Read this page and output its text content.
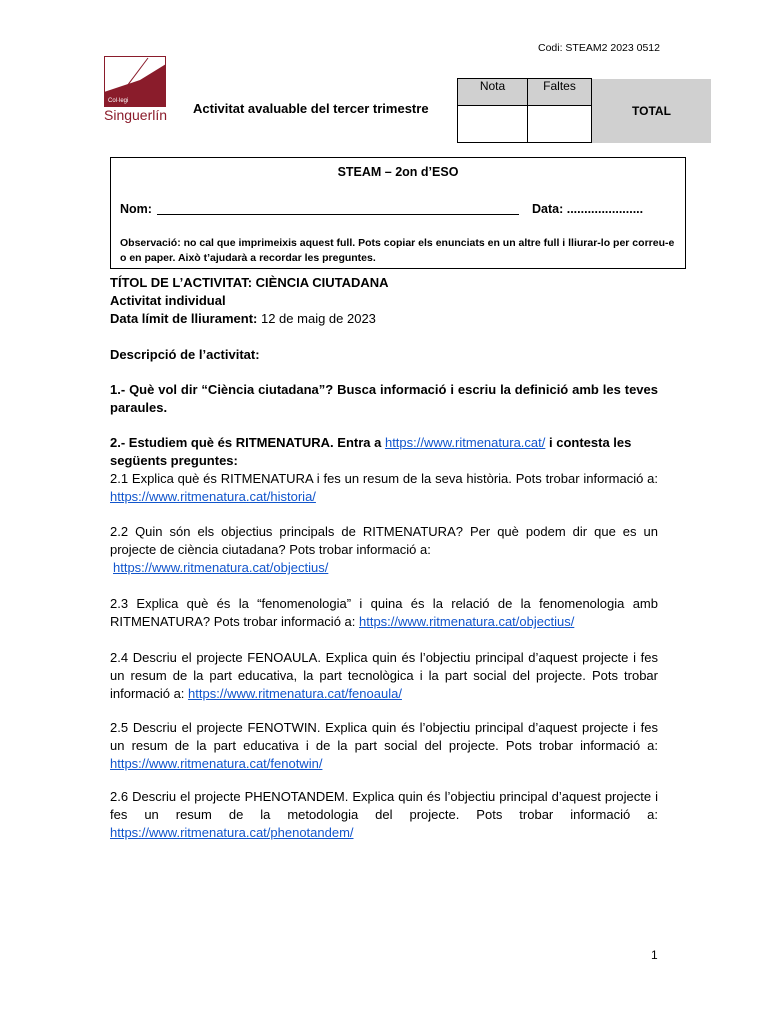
Codi: STEAM2 2023 0512
Col·legi
Singuerlín Activitat avaluable del tercer trimestre
Nota	Faltes	TOTAL

STEAM – 2on d’ESO
Nom:	Data: ......................
Observació: no cal que imprimeixis aquest full. Pots copiar els enunciats en un altre full i lliurar-lo per correu-e o en paper. Això t’ajudarà a recordar les preguntes.
TÍTOL DE L’ACTIVITAT: CIÈNCIA CIUTADANA
Activitat individual
Data límit de lliurament: 12 de maig de 2023
Descripció de l’activitat:
1.- Què vol dir “Ciència ciutadana”? Busca informació i escriu la definició amb les teves paraules.
2.- Estudiem què és RITMENATURA. Entra a https://www.ritmenatura.cat/ i contesta les següents preguntes:
2.1 Explica què és RITMENATURA i fes un resum de la seva història. Pots trobar informació a: https://www.ritmenatura.cat/historia/
2.2 Quin són els objectius principals de RITMENATURA? Per què podem dir que es un projecte de ciència ciutadana? Pots trobar informació a:
https://www.ritmenatura.cat/objectius/
2.3 Explica què és la “fenomenologia” i quina és la relació de la fenomenologia amb RITMENATURA? Pots trobar informació a: https://www.ritmenatura.cat/objectius/
2.4 Descriu el projecte FENOAULA. Explica quin és l’objectiu principal d’aquest projecte i fes un resum de la part educativa, la part tecnològica i la part social del projecte. Pots trobar informació a: https://www.ritmenatura.cat/fenoaula/
2.5 Descriu el projecte FENOTWIN. Explica quin és l’objectiu principal d’aquest projecte i fes un resum de la part educativa i de la part social del projecte. Pots trobar informació a: https://www.ritmenatura.cat/fenotwin/
2.6 Descriu el projecte PHENOTANDEM. Explica quin és l’objectiu principal d’aquest projecte i fes un resum de la metodologia del projecte. Pots trobar informació a: https://www.ritmenatura.cat/phenotandem/
1
